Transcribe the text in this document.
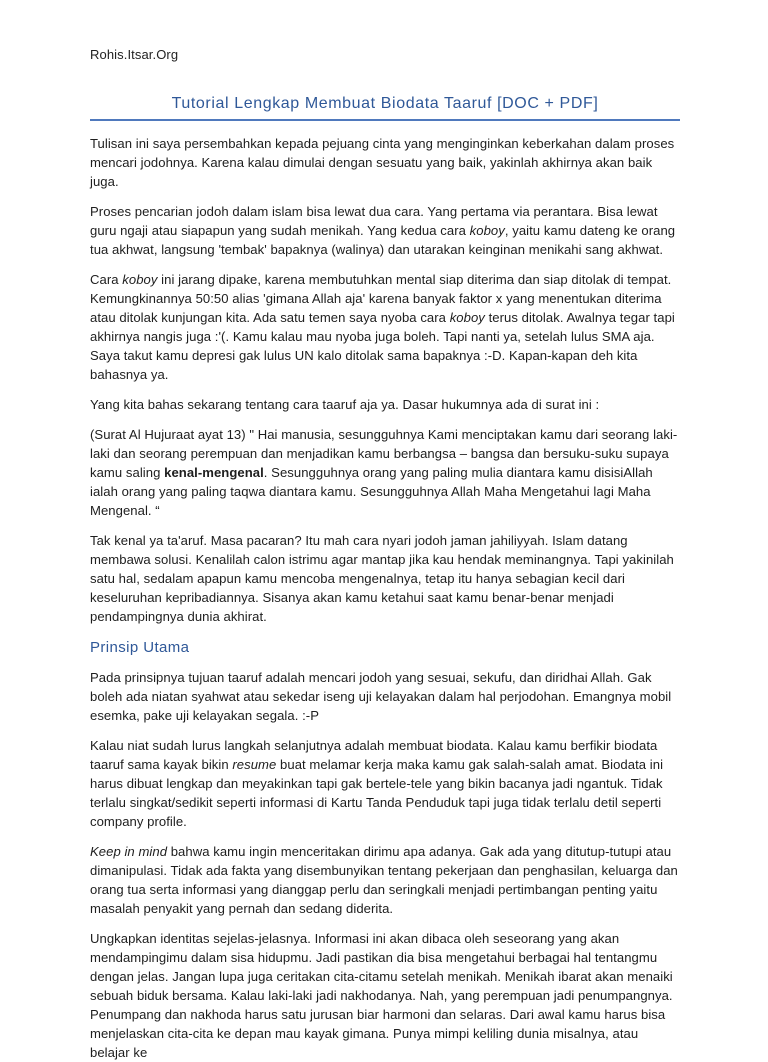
Rohis.Itsar.Org
Tutorial Lengkap Membuat Biodata Taaruf [DOC + PDF]

Tulisan ini saya persembahkan kepada pejuang cinta yang menginginkan keberkahan dalam proses mencari jodohnya. Karena kalau dimulai dengan sesuatu yang baik, yakinlah akhirnya akan baik juga.

Proses pencarian jodoh dalam islam bisa lewat dua cara. Yang pertama via perantara. Bisa lewat guru ngaji atau siapapun yang sudah menikah. Yang kedua cara koboy, yaitu kamu dateng ke orang tua akhwat, langsung 'tembak' bapaknya (walinya) dan utarakan keinginan menikahi sang akhwat.

Cara koboy ini jarang dipake, karena membutuhkan mental siap diterima dan siap ditolak di tempat. Kemungkinannya 50:50 alias 'gimana Allah aja' karena banyak faktor x yang menentukan diterima atau ditolak kunjungan kita. Ada satu temen saya nyoba cara koboy terus ditolak. Awalnya tegar tapi akhirnya nangis juga :'(. Kamu kalau mau nyoba juga boleh. Tapi nanti ya, setelah lulus SMA aja. Saya takut kamu depresi gak lulus UN kalo ditolak sama bapaknya :-D. Kapan-kapan deh kita bahasnya ya.

Yang kita bahas sekarang tentang cara taaruf aja ya. Dasar hukumnya ada di surat ini :

(Surat Al Hujuraat ayat 13) " Hai manusia, sesungguhnya Kami menciptakan kamu dari seorang laki-laki dan seorang perempuan dan menjadikan kamu berbangsa – bangsa dan bersuku-suku supaya kamu saling kenal-mengenal. Sesungguhnya orang yang paling mulia diantara kamu disisiAllah ialah orang yang paling taqwa diantara kamu. Sesungguhnya Allah Maha Mengetahui lagi Maha Mengenal. “

Tak kenal ya ta'aruf. Masa pacaran? Itu mah cara nyari jodoh jaman jahiliyyah. Islam datang membawa solusi. Kenalilah calon istrimu agar mantap jika kau hendak meminangnya. Tapi yakinilah satu hal, sedalam apapun kamu mencoba mengenalnya, tetap itu hanya sebagian kecil dari keseluruhan kepribadiannya. Sisanya akan kamu ketahui saat kamu benar-benar menjadi pendampingnya dunia akhirat.

Prinsip Utama

Pada prinsipnya tujuan taaruf adalah mencari jodoh yang sesuai, sekufu, dan diridhai Allah. Gak boleh ada niatan syahwat atau sekedar iseng uji kelayakan dalam hal perjodohan. Emangnya mobil esemka, pake uji kelayakan segala. :-P

Kalau niat sudah lurus langkah selanjutnya adalah membuat biodata. Kalau kamu berfikir biodata taaruf sama kayak bikin resume buat melamar kerja maka kamu gak salah-salah amat. Biodata ini harus dibuat lengkap dan meyakinkan tapi gak bertele-tele yang bikin bacanya jadi ngantuk. Tidak terlalu singkat/sedikit seperti informasi di Kartu Tanda Penduduk tapi juga tidak terlalu detil seperti company profile.

Keep in mind bahwa kamu ingin menceritakan dirimu apa adanya. Gak ada yang ditutup-tutupi atau dimanipulasi. Tidak ada fakta yang disembunyikan tentang pekerjaan dan penghasilan, keluarga dan orang tua serta informasi yang dianggap perlu dan seringkali menjadi pertimbangan penting yaitu masalah penyakit yang pernah dan sedang diderita.

Ungkapkan identitas sejelas-jelasnya. Informasi ini akan dibaca oleh seseorang yang akan mendampingimu dalam sisa hidupmu. Jadi pastikan dia bisa mengetahui berbagai hal tentangmu dengan jelas. Jangan lupa juga ceritakan cita-citamu setelah menikah. Menikah ibarat akan menaiki sebuah biduk bersama. Kalau laki-laki jadi nakhodanya. Nah, yang perempuan jadi penumpangnya. Penumpang dan nakhoda harus satu jurusan biar harmoni dan selaras. Dari awal kamu harus bisa menjelaskan cita-cita ke depan mau kayak gimana. Punya mimpi keliling dunia misalnya, atau belajar ke
